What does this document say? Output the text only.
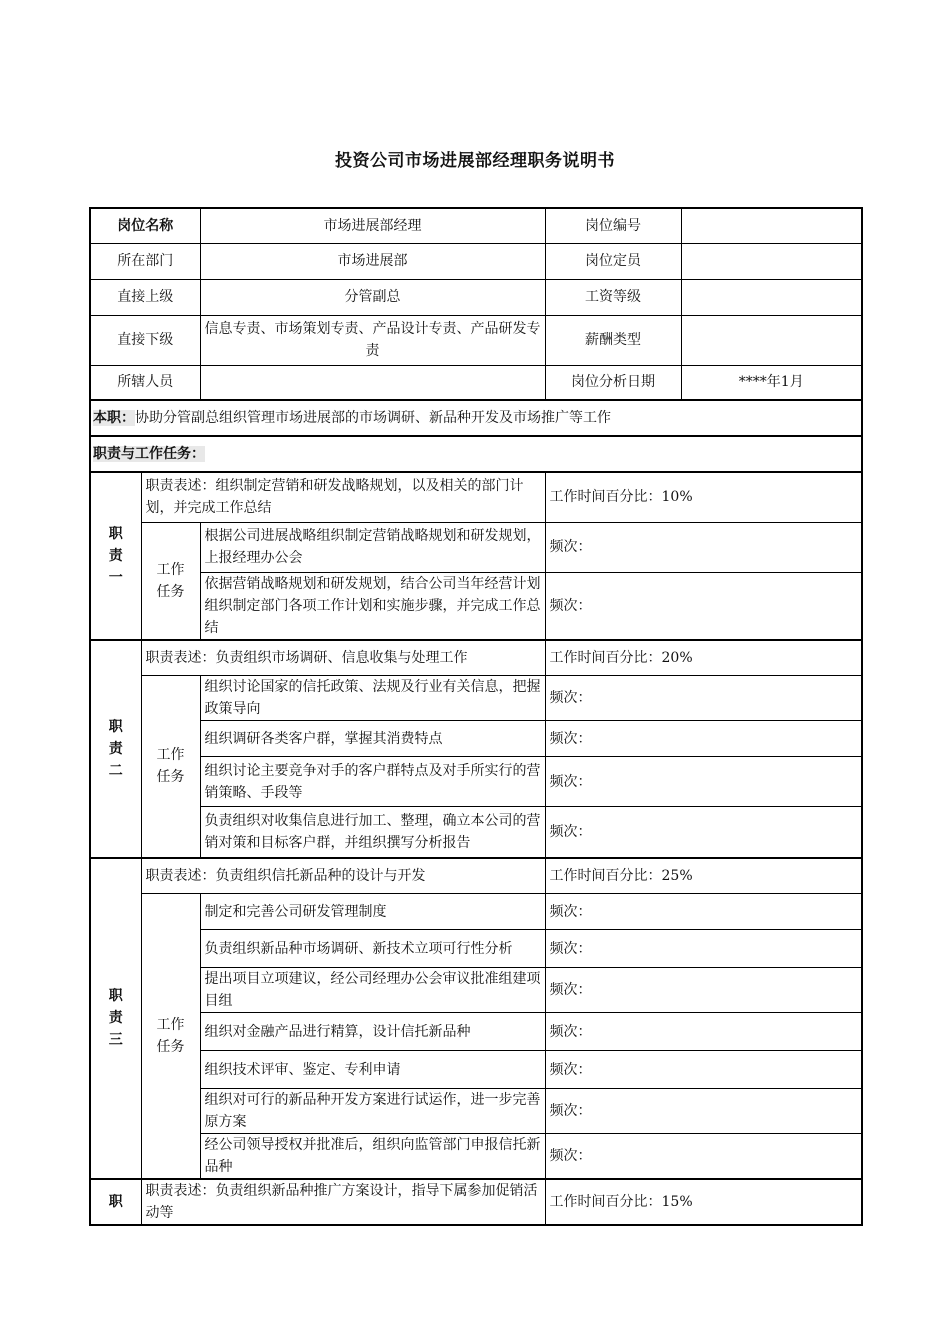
投资公司市场进展部经理职务说明书
岗位名称		市场进展部经理	岗位编号	
所在部门		市场进展部	岗位定员	
直接上级		分管副总	工资等级	
直接下级		信息专责、市场策划专责、产品设计专责、产品研发专责	薪酬类型	
所辖人员			岗位分析日期	****年1月
本职：协助分管副总组织管理市场进展部的市场调研、新品种开发及市场推广等工作				
职责与工作任务：				

职
责
一	职责表述：组织制定营销和研发战略规划，以及相关的部门计划，并完成工作总结		工作时间百分比：10%	

	工作
任务	根据公司进展战略组织制定营销战略规划和研发规划，上报经理办公会	频次：	
		依据营销战略规划和研发规划，结合公司当年经营计划组织制定部门各项工作计划和实施步骤，并完成工作总结	频次：	

职
责
二	职责表述：负责组织市场调研、信息收集与处理工作		工作时间百分比：20%	

	工作
任务	组织讨论国家的信托政策、法规及行业有关信息，把握政策导向	频次：	
		组织调研各类客户群，掌握其消费特点	频次：	
		组织讨论主要竞争对手的客户群特点及对手所实行的营销策略、手段等	频次：	
		负责组织对收集信息进行加工、整理，确立本公司的营销对策和目标客户群，并组织撰写分析报告	频次：	

职
责
三	职责表述：负责组织信托新品种的设计与开发		工作时间百分比：25%	

	工作
任务	制定和完善公司研发管理制度	频次：	
		负责组织新品种市场调研、新技术立项可行性分析	频次：	
		提出项目立项建议，经公司经理办公会审议批准组建项目组	频次：	
		组织对金融产品进行精算，设计信托新品种	频次：	
		组织技术评审、鉴定、专利申请	频次：	
		组织对可行的新品种开发方案进行试运作，进一步完善原方案	频次：	
		经公司领导授权并批准后，组织向监管部门申报信托新品种	频次：	

职	职责表述：负责组织新品种推广方案设计，指导下属参加促销活动等		工作时间百分比：15%	
